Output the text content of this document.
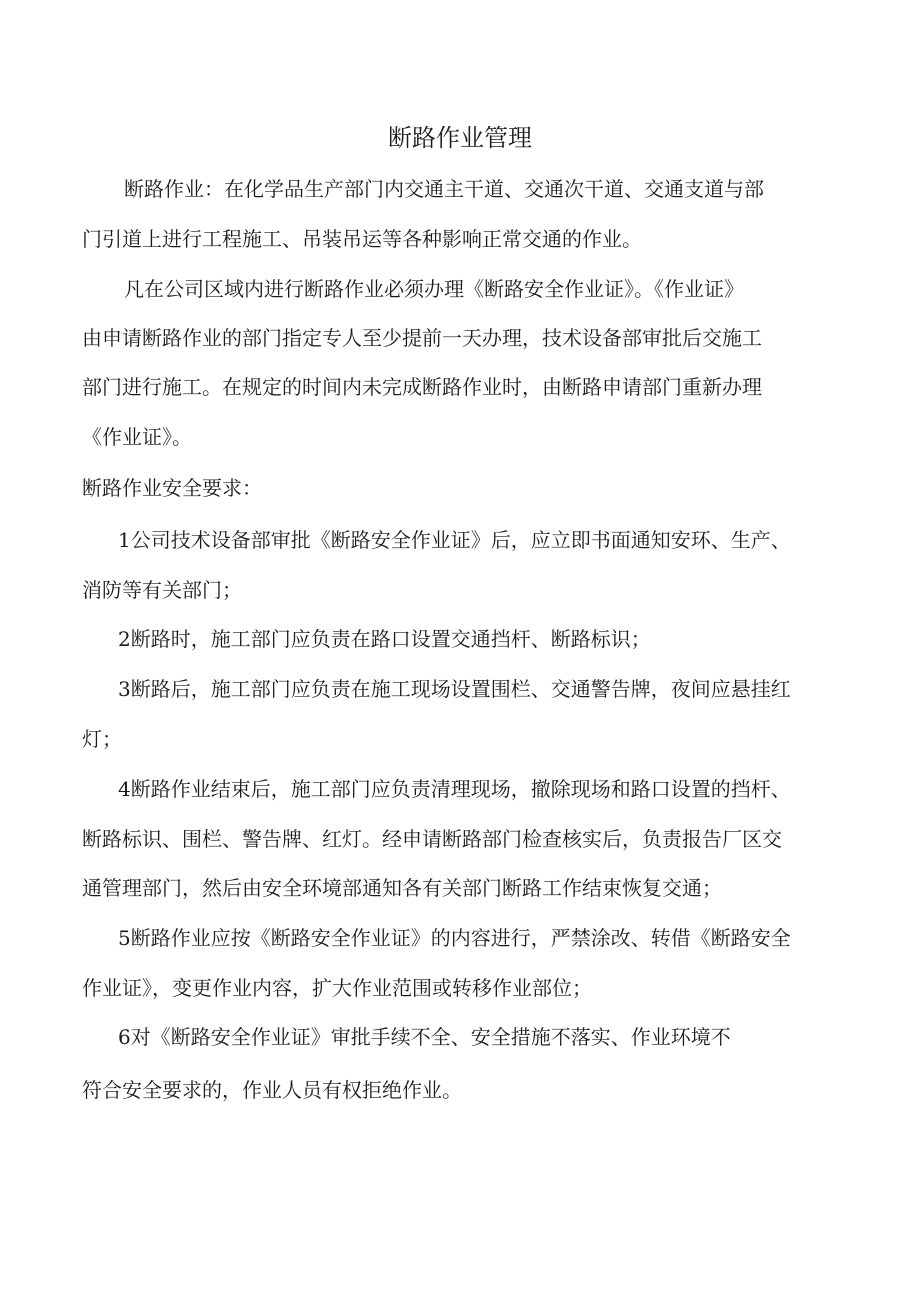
断路作业管理
断路作业：在化学品生产部门内交通主干道、交通次干道、交通支道与部
门引道上进行工程施工、吊装吊运等各种影响正常交通的作业。
凡在公司区域内进行断路作业必须办理《断路安全作业证》。《作业证》
由申请断路作业的部门指定专人至少提前一天办理，技术设备部审批后交施工
部门进行施工。在规定的时间内未完成断路作业时，由断路申请部门重新办理
《作业证》。
断路作业安全要求：
1公司技术设备部审批《断路安全作业证》后，应立即书面通知安环、生产、
消防等有关部门；
2断路时，施工部门应负责在路口设置交通挡杆、断路标识；
3断路后，施工部门应负责在施工现场设置围栏、交通警告牌，夜间应悬挂红
灯；
4断路作业结束后，施工部门应负责清理现场，撤除现场和路口设置的挡杆、
断路标识、围栏、警告牌、红灯。经申请断路部门检查核实后，负责报告厂区交
通管理部门，然后由安全环境部通知各有关部门断路工作结束恢复交通；
5断路作业应按《断路安全作业证》的内容进行，严禁涂改、转借《断路安全
作业证》，变更作业内容，扩大作业范围或转移作业部位；
6对《断路安全作业证》审批手续不全、安全措施不落实、作业环境不
符合安全要求的，作业人员有权拒绝作业。
